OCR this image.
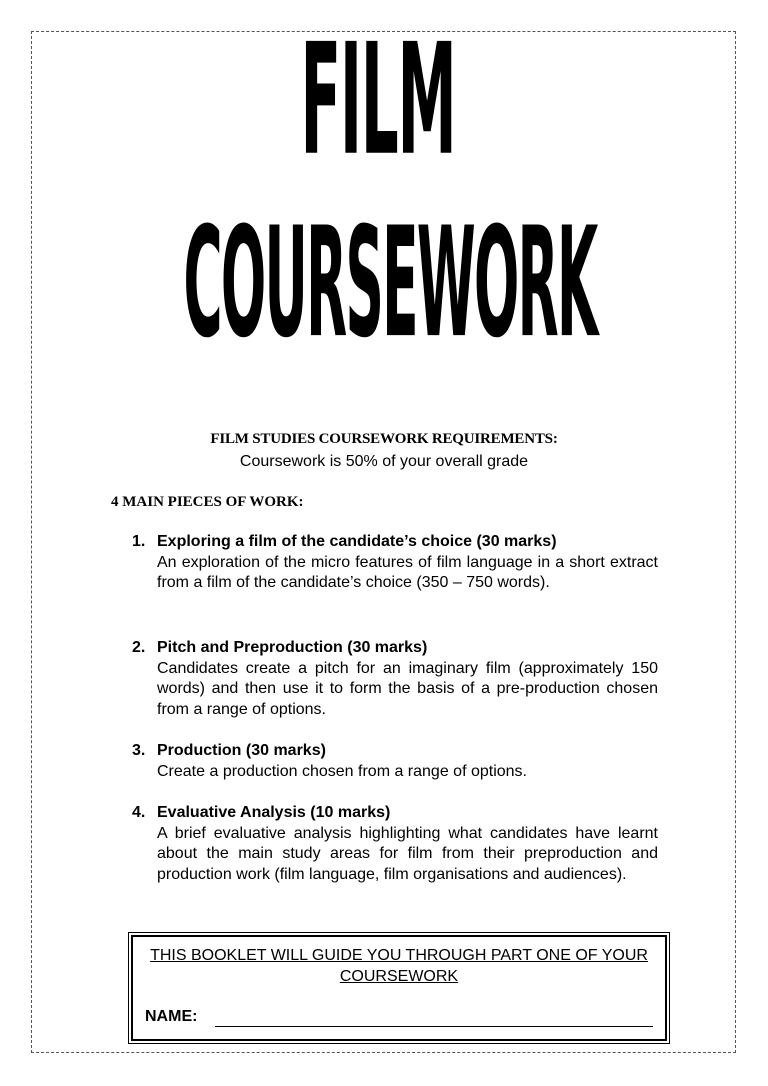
FILM
COURSEWORK
FILM STUDIES COURSEWORK REQUIREMENTS:
Coursework is 50% of your overall grade
4 MAIN PIECES OF WORK:
1. Exploring a film of the candidate’s choice (30 marks)
An exploration of the micro features of film language in a short extract from a film of the candidate’s choice (350 – 750 words).
2. Pitch and Preproduction (30 marks)
Candidates create a pitch for an imaginary film (approximately 150 words) and then use it to form the basis of a pre-production chosen from a range of options.
3. Production (30 marks)
Create a production chosen from a range of options.
4. Evaluative Analysis (10 marks)
A brief evaluative analysis highlighting what candidates have learnt about the main study areas for film from their preproduction and production work (film language, film organisations and audiences).
THIS BOOKLET WILL GUIDE YOU THROUGH PART ONE OF YOUR COURSEWORK
NAME:
